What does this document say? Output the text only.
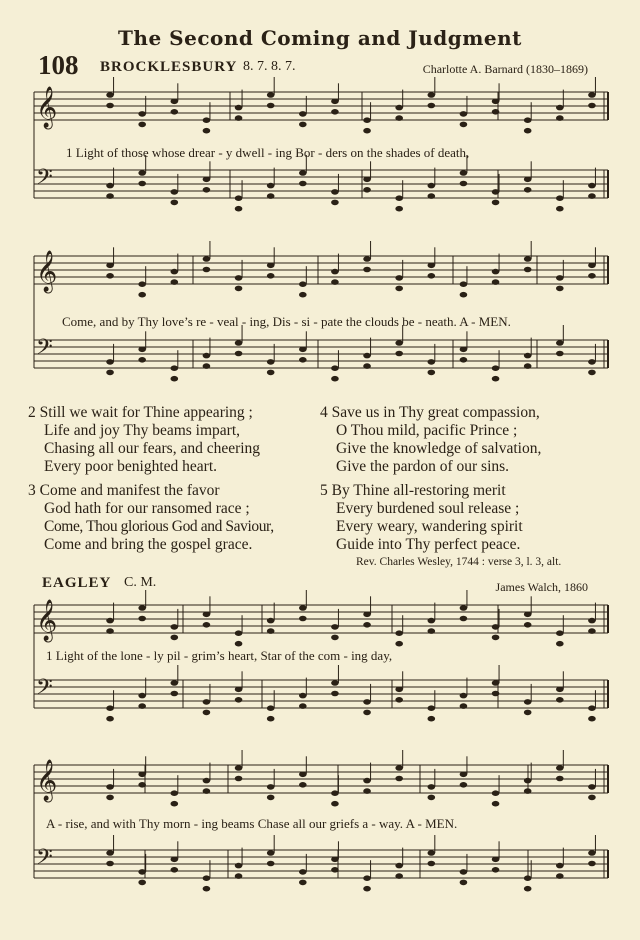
The Second Coming and Judgment
108 BROCKLESBURY 8. 7. 8. 7.	Charlotte A. Barnard (1830–1869)
𝄞
𝄢
𝄞
𝄢
𝄞
𝄢
𝄞
𝄢
1 Light of those whose drear - y dwell - ing Bor - ders on the shades of death,
Come, and by Thy love’s re - veal - ing, Dis - si - pate the clouds be - neath. A - MEN.
2 Still we wait for Thine appearing ;
Life and joy Thy beams impart,
Chasing all our fears, and cheering
Every poor benighted heart.
3 Come and manifest the favor
God hath for our ransomed race ;
Come, Thou glorious God and Saviour,
Come and bring the gospel grace.
4 Save us in Thy great compassion,
O Thou mild, pacific Prince ;
Give the knowledge of salvation,
Give the pardon of our sins.
5 By Thine all-restoring merit
Every burdened soul release ;
Every weary, wandering spirit
Guide into Thy perfect peace.
Rev. Charles Wesley, 1744 : verse 3, l. 3, alt.
EAGLEY C. M.	James Walch, 1860
1 Light of the lone - ly pil - grim’s heart, Star of the com - ing day,
A - rise, and with Thy morn - ing beams Chase all our griefs a - way. A - MEN.
